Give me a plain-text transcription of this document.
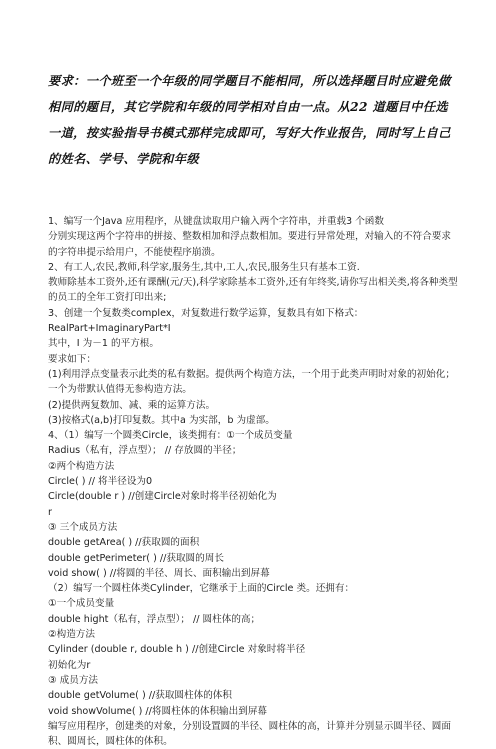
要求：一个班至一个年级的同学题目不能相同，所以选择题目时应避免做相同的题目，其它学院和年级的同学相对自由一点。从22 道题目中任选一道，按实验指导书模式那样完成即可，写好大作业报告，同时写上自己的姓名、学号、学院和年级
1、编写一个Java 应用程序，从键盘读取用户输入两个字符串，并重载3 个函数
分别实现这两个字符串的拼接、整数相加和浮点数相加。要进行异常处理，对输入的不符合要求的字符串提示给用户，不能使程序崩溃。
2、有工人,农民,教师,科学家,服务生,其中,工人,农民,服务生只有基本工资.
教师除基本工资外,还有课酬(元/天),科学家除基本工资外,还有年终奖,请你写出相关类,将各种类型的员工的全年工资打印出来;
3、创建一个复数类complex，对复数进行数学运算，复数具有如下格式：
RealPart+ImaginaryPart*I
其中，I 为－1 的平方根。
要求如下：
(1)利用浮点变量表示此类的私有数据。提供两个构造方法，一个用于此类声明时对象的初始化；一个为带默认值得无参构造方法。
(2)提供两复数加、减、乘的运算方法。
(3)按格式(a,b)打印复数。其中a 为实部，b 为虚部。
4、（1）编写一个圆类Circle，该类拥有：①一个成员变量
Radius（私有，浮点型）； // 存放圆的半径；
②两个构造方法
Circle( ) // 将半径设为0
Circle(double r ) //创建Circle对象时将半径初始化为
r
③ 三个成员方法
double getArea( ) //获取圆的面积
double getPerimeter( ) //获取圆的周长
void show( ) //将圆的半径、周长、面积输出到屏幕
（2）编写一个圆柱体类Cylinder，它继承于上面的Circle 类。还拥有：
①一个成员变量
double hight（私有，浮点型）； // 圆柱体的高；
②构造方法
Cylinder (double r, double h ) //创建Circle 对象时将半径
初始化为r
③ 成员方法
double getVolume( ) //获取圆柱体的体积
void showVolume( ) //将圆柱体的体积输出到屏幕
编写应用程序，创建类的对象，分别设置圆的半径、圆柱体的高，计算并分别显示圆半径、圆面积、圆周长，圆柱体的体积。
